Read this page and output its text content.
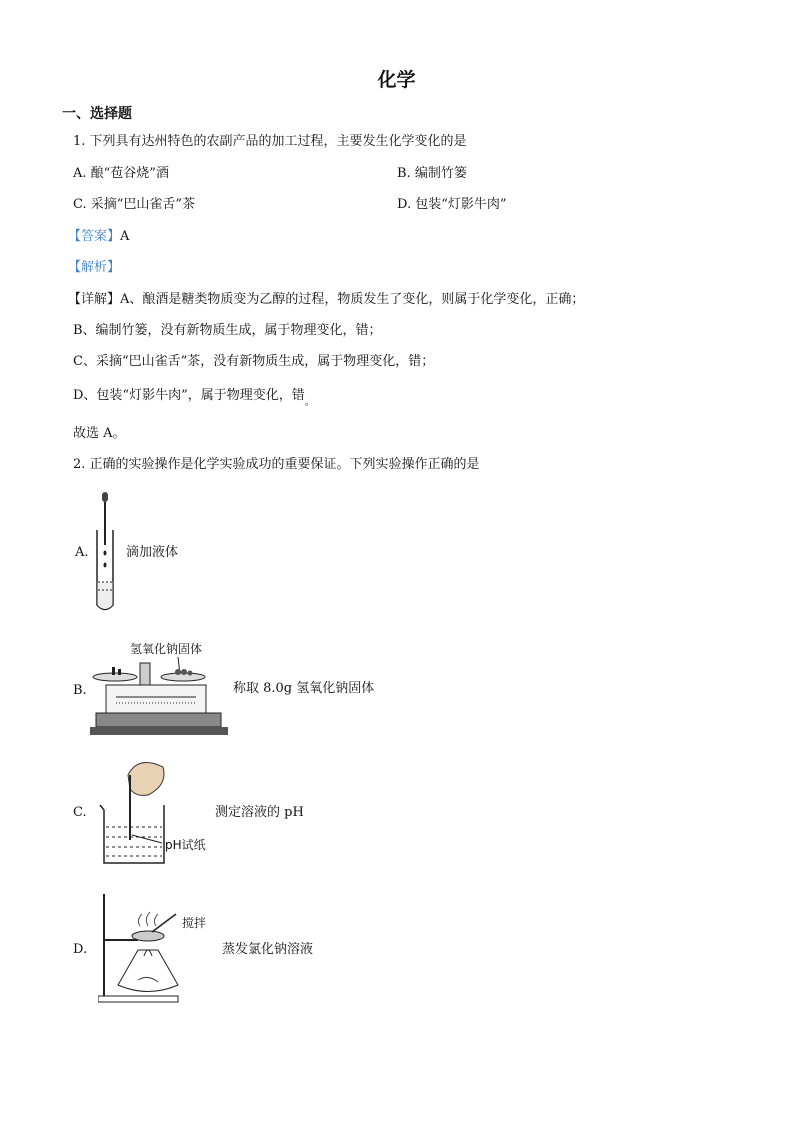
化学
一、选择题
1. 下列具有达州特色的农副产品的加工过程，主要发生化学变化的是
A. 酿“苞谷烧”酒	B. 编制竹篓
C. 采摘“巴山雀舌”茶	D. 包装“灯影牛肉”
【答案】A
【解析】
【详解】A、酿酒是糖类物质变为乙醇的过程，物质发生了变化，则属于化学变化，正确；
B、编制竹篓，没有新物质生成，属于物理变化，错；
C、采摘“巴山雀舌”茶，没有新物质生成，属于物理变化，错；
D、包装“灯影牛肉”，属于物理变化，错$_。$
故选 A。
2. 正确的实验操作是化学实验成功的重要保证。下列实验操作正确的是
A.	滴加液体
B.
氢氧化钠固体
称取 8.0g 氢氧化钠固体
C.
pH试纸
测定溶液的 pH
D.
搅拌
蒸发氯化钠溶液
